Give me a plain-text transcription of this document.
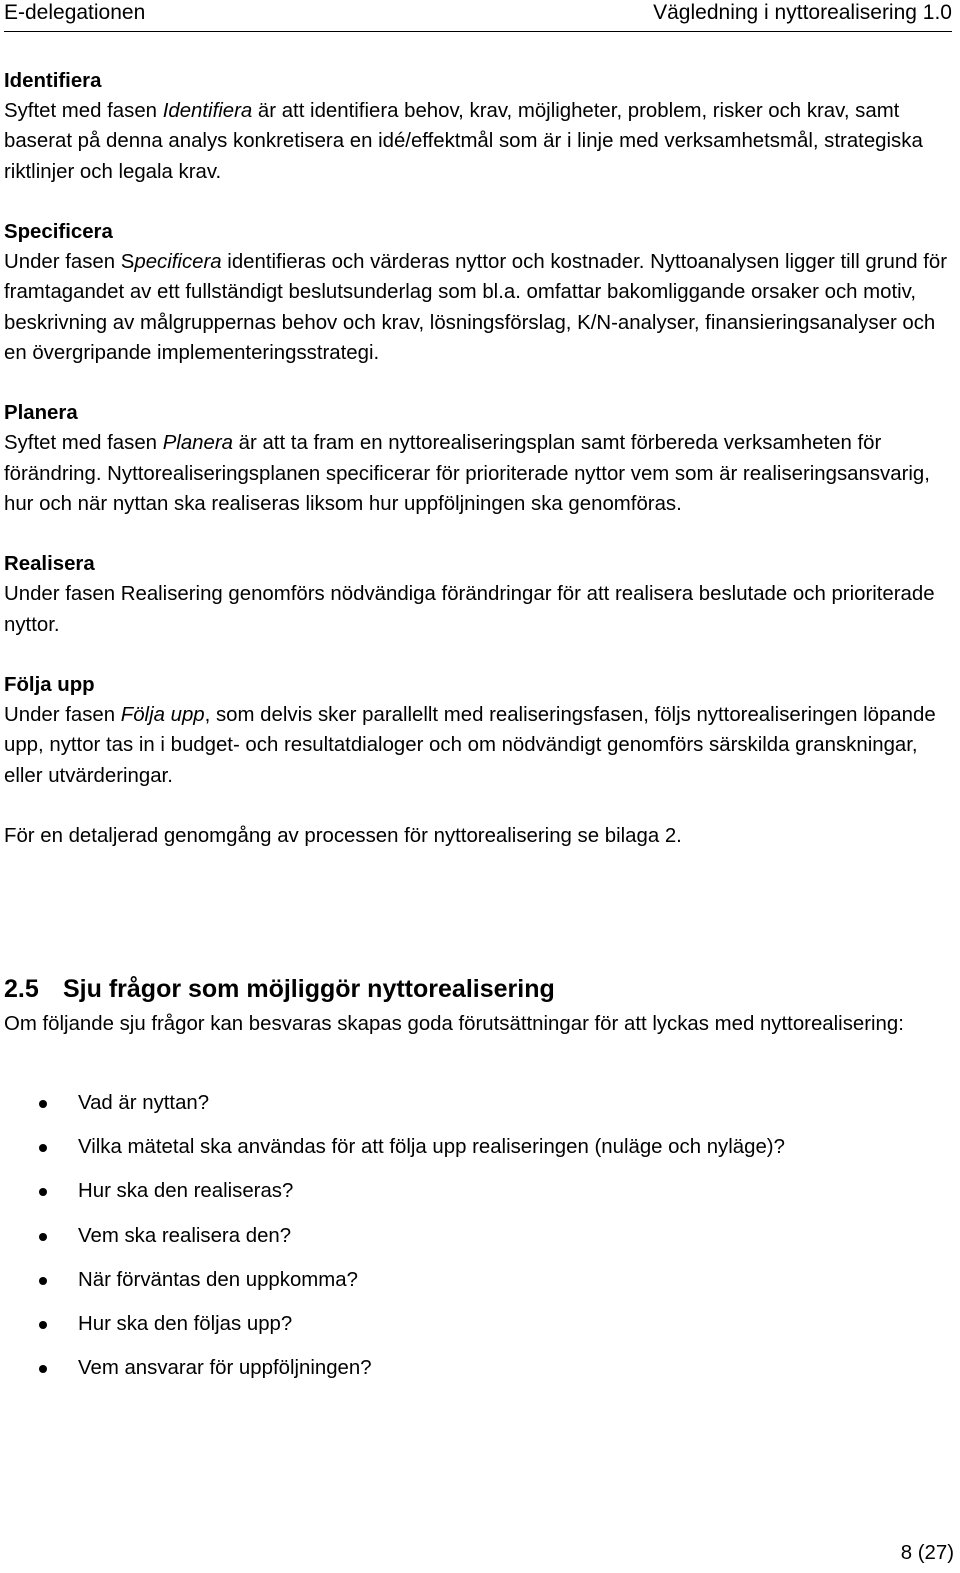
E-delegationen	Vägledning i nyttorealisering 1.0
Identifiera

Syftet med fasen Identifiera är att identifiera behov, krav, möjligheter, problem, risker och krav, samt baserat på denna analys konkretisera en idé/effektmål som är i linje med verksamhetsmål, strategiska riktlinjer och legala krav.

Specificera

Under fasen Specificera identifieras och värderas nyttor och kostnader. Nyttoanalysen ligger till grund för framtagandet av ett fullständigt beslutsunderlag som bl.a. omfattar bakomliggande orsaker och motiv, beskrivning av målgruppernas behov och krav, lösningsförslag, K/N-analyser, finansieringsanalyser och en övergripande implementeringsstrategi.

Planera

Syftet med fasen Planera är att ta fram en nyttorealiseringsplan samt förbereda verksamheten för förändring. Nyttorealiseringsplanen specificerar för prioriterade nyttor vem som är realiseringsansvarig, hur och när nyttan ska realiseras liksom hur uppföljningen ska genomföras.

Realisera

Under fasen Realisering genomförs nödvändiga förändringar för att realisera beslutade och prioriterade nyttor.

Följa upp

Under fasen Följa upp, som delvis sker parallellt med realiseringsfasen, följs nyttorealiseringen löpande upp, nyttor tas in i budget- och resultatdialoger och om nödvändigt genomförs särskilda granskningar, eller utvärderingar.

För en detaljerad genomgång av processen för nyttorealisering se bilaga 2.

2.5 Sju frågor som möjliggör nyttorealisering

Om följande sju frågor kan besvaras skapas goda förutsättningar för att lyckas med nyttorealisering:

Vad är nyttan?
Vilka mätetal ska användas för att följa upp realiseringen (nuläge och nyläge)?
Hur ska den realiseras?
Vem ska realisera den?
När förväntas den uppkomma?
Hur ska den följas upp?
Vem ansvarar för uppföljningen?
8 (27)
